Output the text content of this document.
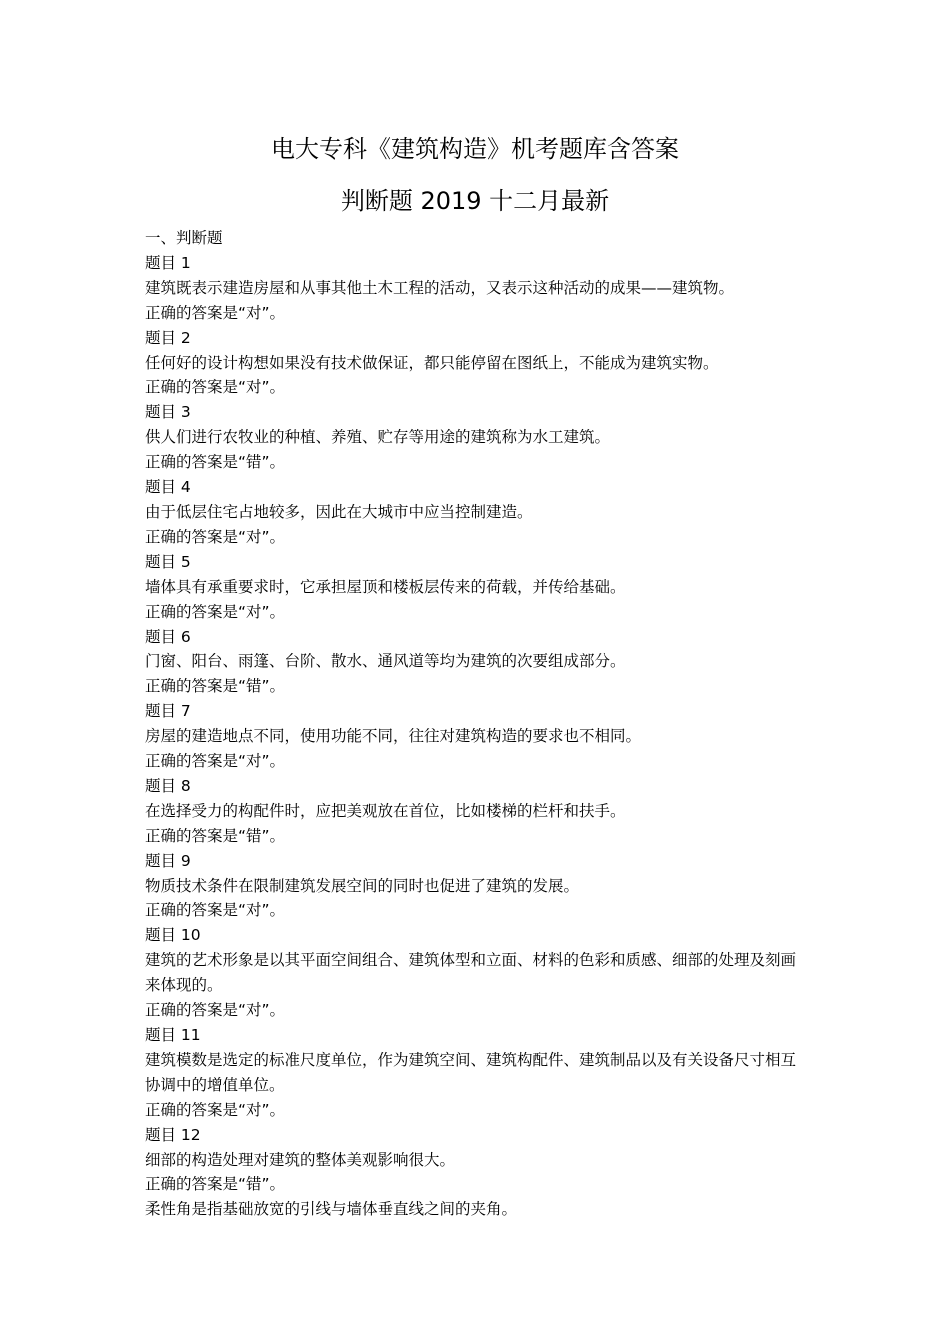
电大专科《建筑构造》机考题库含答案
判断题 2019 十二月最新

一、判断题

题目 1

建筑既表示建造房屋和从事其他土木工程的活动，又表示这种活动的成果——建筑物。

正确的答案是“对”。

题目 2

任何好的设计构想如果没有技术做保证，都只能停留在图纸上，不能成为建筑实物。

正确的答案是“对”。

题目 3

供人们进行农牧业的种植、养殖、贮存等用途的建筑称为水工建筑。

正确的答案是“错”。

题目 4

由于低层住宅占地较多，因此在大城市中应当控制建造。

正确的答案是“对”。

题目 5

墙体具有承重要求时，它承担屋顶和楼板层传来的荷载，并传给基础。

正确的答案是“对”。

题目 6

门窗、阳台、雨篷、台阶、散水、通风道等均为建筑的次要组成部分。

正确的答案是“错”。

题目 7

房屋的建造地点不同，使用功能不同，往往对建筑构造的要求也不相同。

正确的答案是“对”。

题目 8

在选择受力的构配件时，应把美观放在首位，比如楼梯的栏杆和扶手。

正确的答案是“错”。

题目 9

物质技术条件在限制建筑发展空间的同时也促进了建筑的发展。

正确的答案是“对”。

题目 10

建筑的艺术形象是以其平面空间组合、建筑体型和立面、材料的色彩和质感、细部的处理及刻画来体现的。

正确的答案是“对”。

题目 11

建筑模数是选定的标准尺度单位，作为建筑空间、建筑构配件、建筑制品以及有关设备尺寸相互协调中的增值单位。

正确的答案是“对”。

题目 12

细部的构造处理对建筑的整体美观影响很大。

正确的答案是“错”。

柔性角是指基础放宽的引线与墙体垂直线之间的夹角。
